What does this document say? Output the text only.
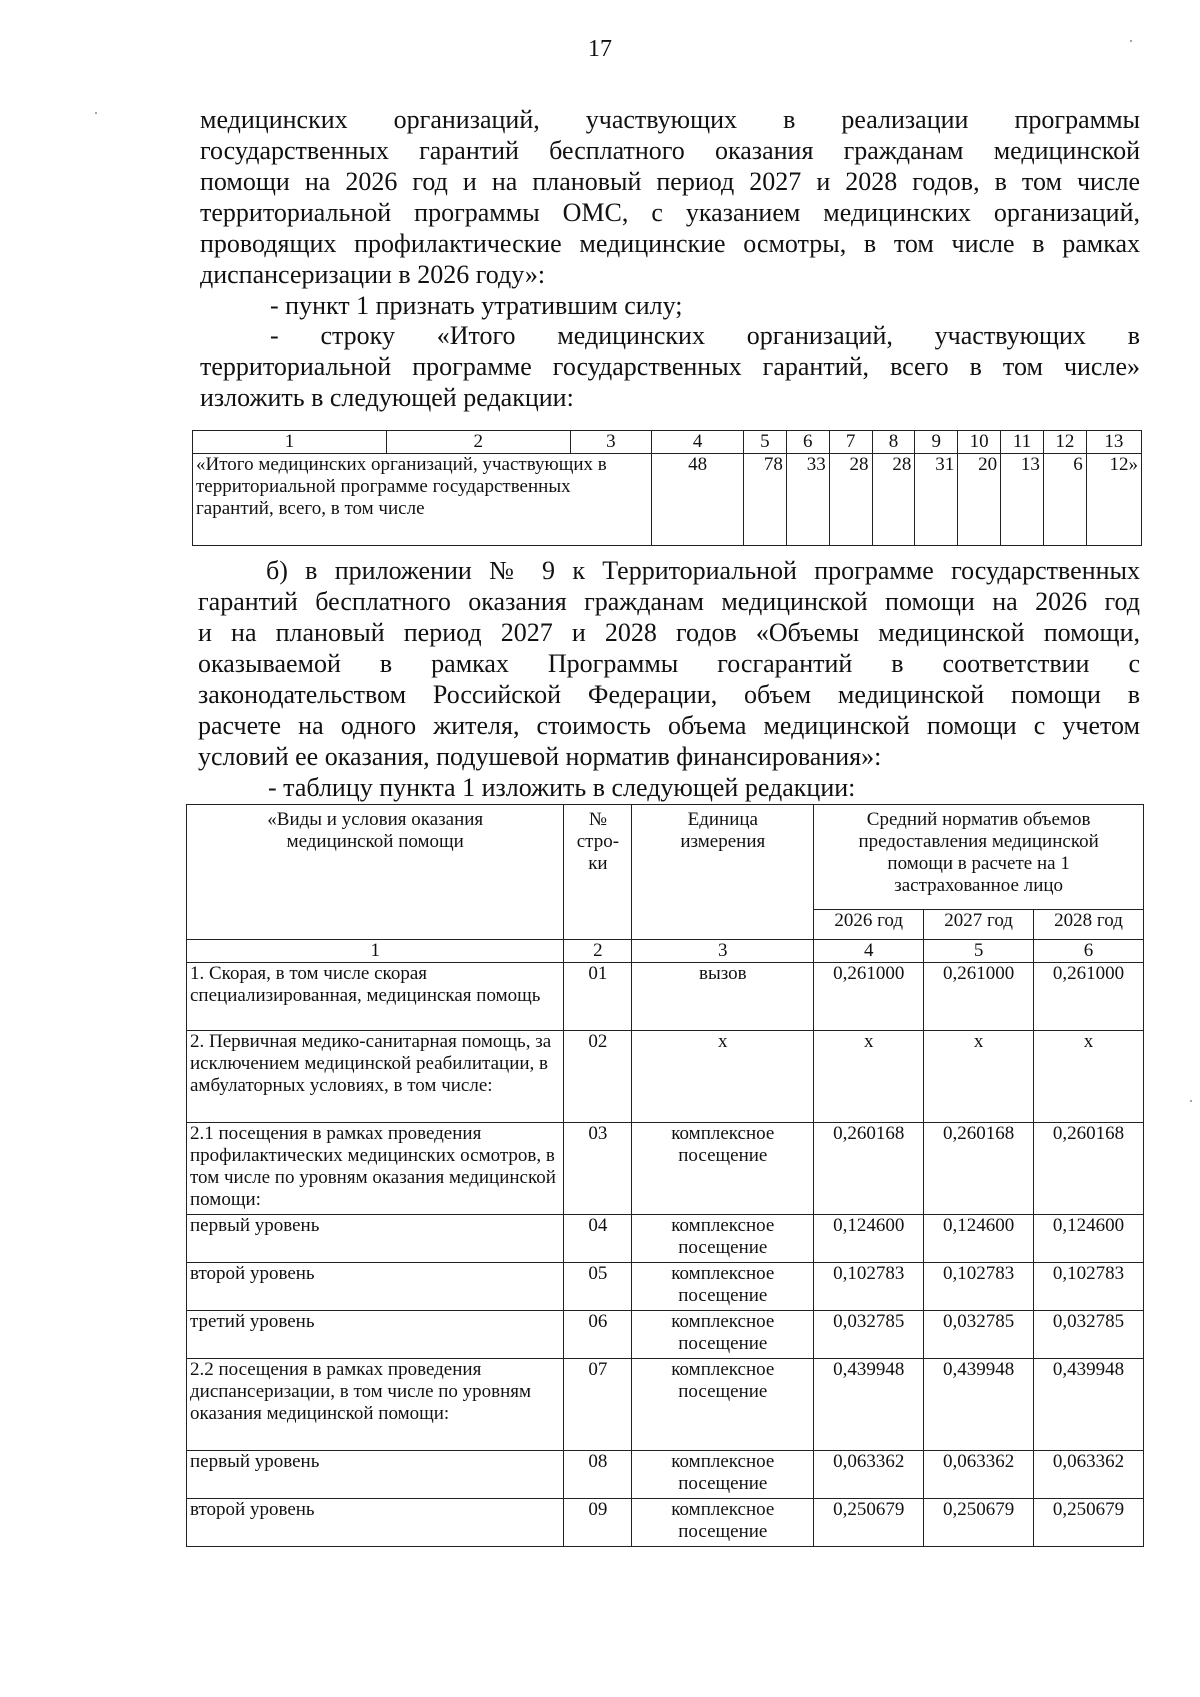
17
медицинских организаций, участвующих в реализации программы
государственных гарантий бесплатного оказания гражданам медицинской
помощи на 2026 год и на плановый период 2027 и 2028 годов, в том числе
территориальной программы ОМС, с указанием медицинских организаций,
проводящих профилактические медицинские осмотры, в том числе в рамках
диспансеризации в 2026 году»:
- пункт 1 признать утратившим силу;
- строку «Итого медицинских организаций, участвующих в
территориальной программе государственных гарантий, всего в том числе»
изложить в следующей редакции:
1	2	3	4	5	6	7	8	9	10	11	12	13
«Итого медицинских организаций, участвующих в территориальной программе государственных гарантий, всего, в том числе			48	78	33	28	28	31	20	13	6	12»
б) в приложении № 9 к Территориальной программе государственных
гарантий бесплатного оказания гражданам медицинской помощи на 2026 год
и на плановый период 2027 и 2028 годов «Объемы медицинской помощи,
оказываемой в рамках Программы госгарантий в соответствии с
законодательством Российской Федерации, объем медицинской помощи в
расчете на одного жителя, стоимость объема медицинской помощи с учетом
условий ее оказания, подушевой норматив финансирования»:
- таблицу пункта 1 изложить в следующей редакции:
«Виды и условия оказания медицинской помощи	№ стро-ки	Единица измерения	Средний норматив объемов предоставления медицинской помощи в расчете на 1 застрахованное лицо		
			2026 год	2027 год	2028 год
1	2	3	4	5	6
1. Скорая, в том числе скорая специализированная, медицинская помощь	01	вызов	0,261000	0,261000	0,261000
2. Первичная медико-санитарная помощь, за исключением медицинской реабилитации, в амбулаторных условиях, в том числе:	02	х	х	х	х
2.1 посещения в рамках проведения профилактических медицинских осмотров, в том числе по уровням оказания медицинской помощи:	03	комплексное посещение	0,260168	0,260168	0,260168
первый уровень	04	комплексное посещение	0,124600	0,124600	0,124600
второй уровень	05	комплексное посещение	0,102783	0,102783	0,102783
третий уровень	06	комплексное посещение	0,032785	0,032785	0,032785
2.2 посещения в рамках проведения диспансеризации, в том числе по уровням оказания медицинской помощи:	07	комплексное посещение	0,439948	0,439948	0,439948
первый уровень	08	комплексное посещение	0,063362	0,063362	0,063362
второй уровень	09	комплексное посещение	0,250679	0,250679	0,250679
